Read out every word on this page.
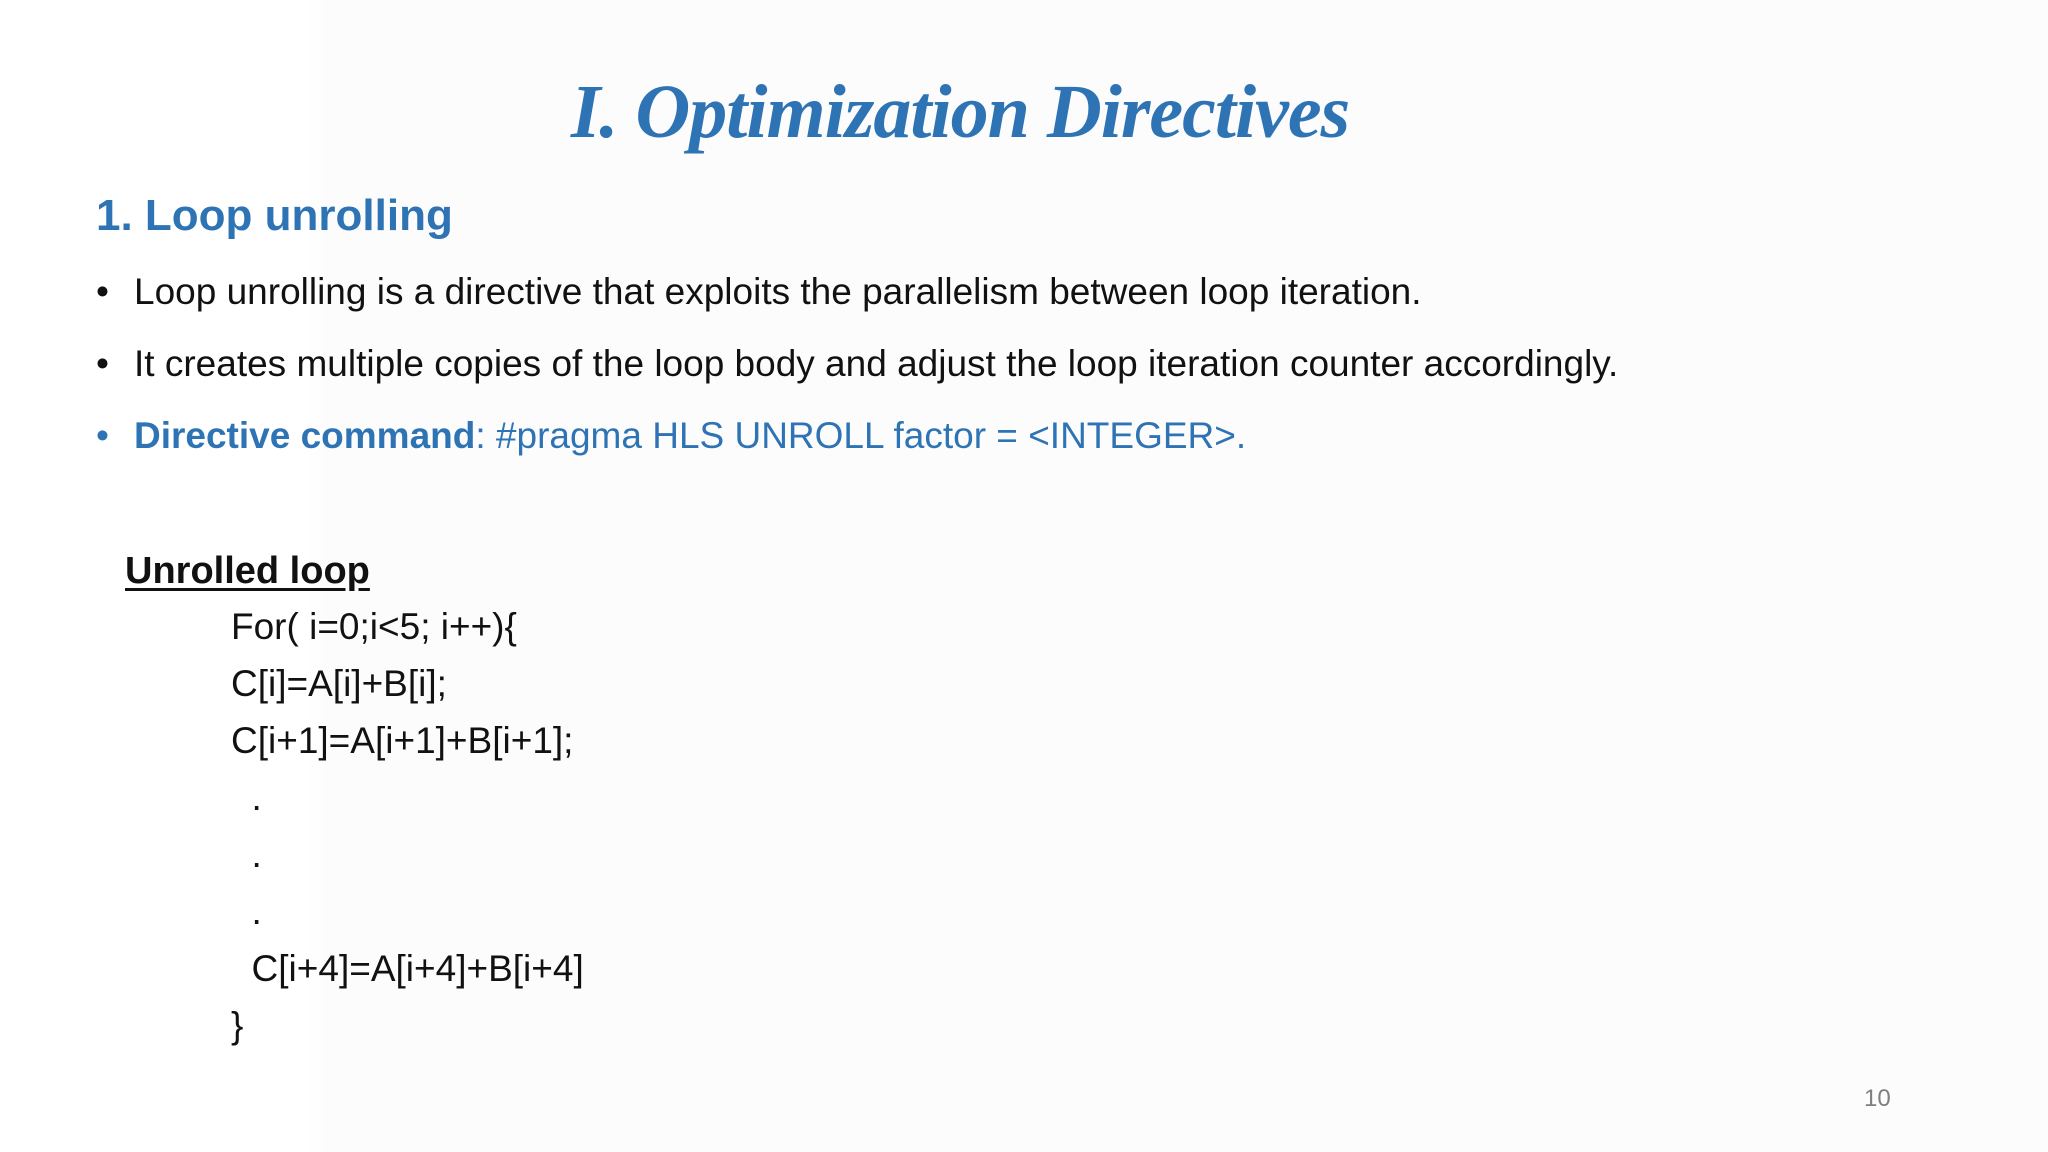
I. Optimization Directives
1. Loop unrolling
• Loop unrolling is a directive that exploits the parallelism between loop iteration.
• It creates multiple copies of the loop body and adjust the loop iteration counter accordingly.
• Directive command: #pragma HLS UNROLL factor = <INTEGER>.
Unrolled loop
For( i=0;i<5; i++){
C[i]=A[i]+B[i];
C[i+1]=A[i+1]+B[i+1];
.
.
.
C[i+4]=A[i+4]+B[i+4]
}
10
